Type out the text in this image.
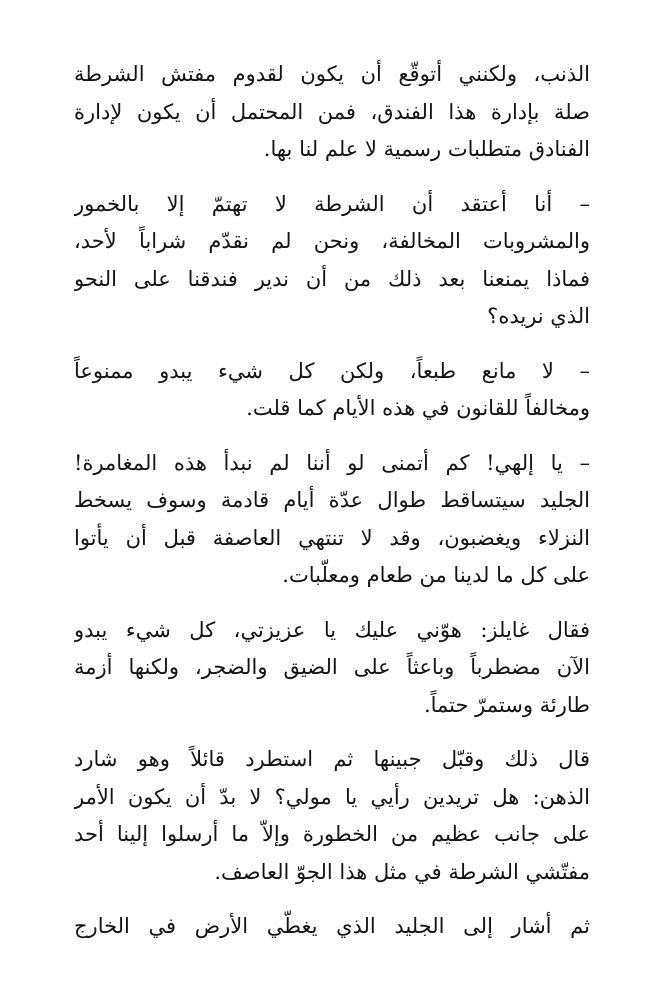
الذنب، ولكنني أتوقّع أن يكون لقدوم مفتش الشرطة
صلة بإدارة هذا الفندق، فمن المحتمل أن يكون لإدارة
الفنادق متطلبات رسمية لا علم لنا بها.
– أنا أعتقد أن الشرطة لا تهتمّ إلا بالخمور
والمشروبات المخالفة، ونحن لم نقدّم شراباً لأحد،
فماذا يمنعنا بعد ذلك من أن ندير فندقنا على النحو
الذي نريده؟
– لا مانع طبعاً، ولكن كل شيء يبدو ممنوعاً
ومخالفاً للقانون في هذه الأيام كما قلت.
– يا إلهي! كم أتمنى لو أننا لم نبدأ هذه المغامرة!
الجليد سيتساقط طوال عدّة أيام قادمة وسوف يسخط
النزلاء ويغضبون، وقد لا تنتهي العاصفة قبل أن يأتوا
على كل ما لدينا من طعام ومعلّبات.
فقال غايلز: هوّني عليك يا عزيزتي، كل شيء يبدو
الآن مضطرباً وباعثاً على الضيق والضجر، ولكنها أزمة
طارئة وستمرّ حتماً.
قال ذلك وقبّل جبينها ثم استطرد قائلاً وهو شارد
الذهن: هل تريدين رأيي يا مولي؟ لا بدّ أن يكون الأمر
على جانب عظيم من الخطورة وإلاّ ما أرسلوا إلينا أحد
مفتّشي الشرطة في مثل هذا الجوّ العاصف.
ثم أشار إلى الجليد الذي يغطّي الأرض في الخارج
